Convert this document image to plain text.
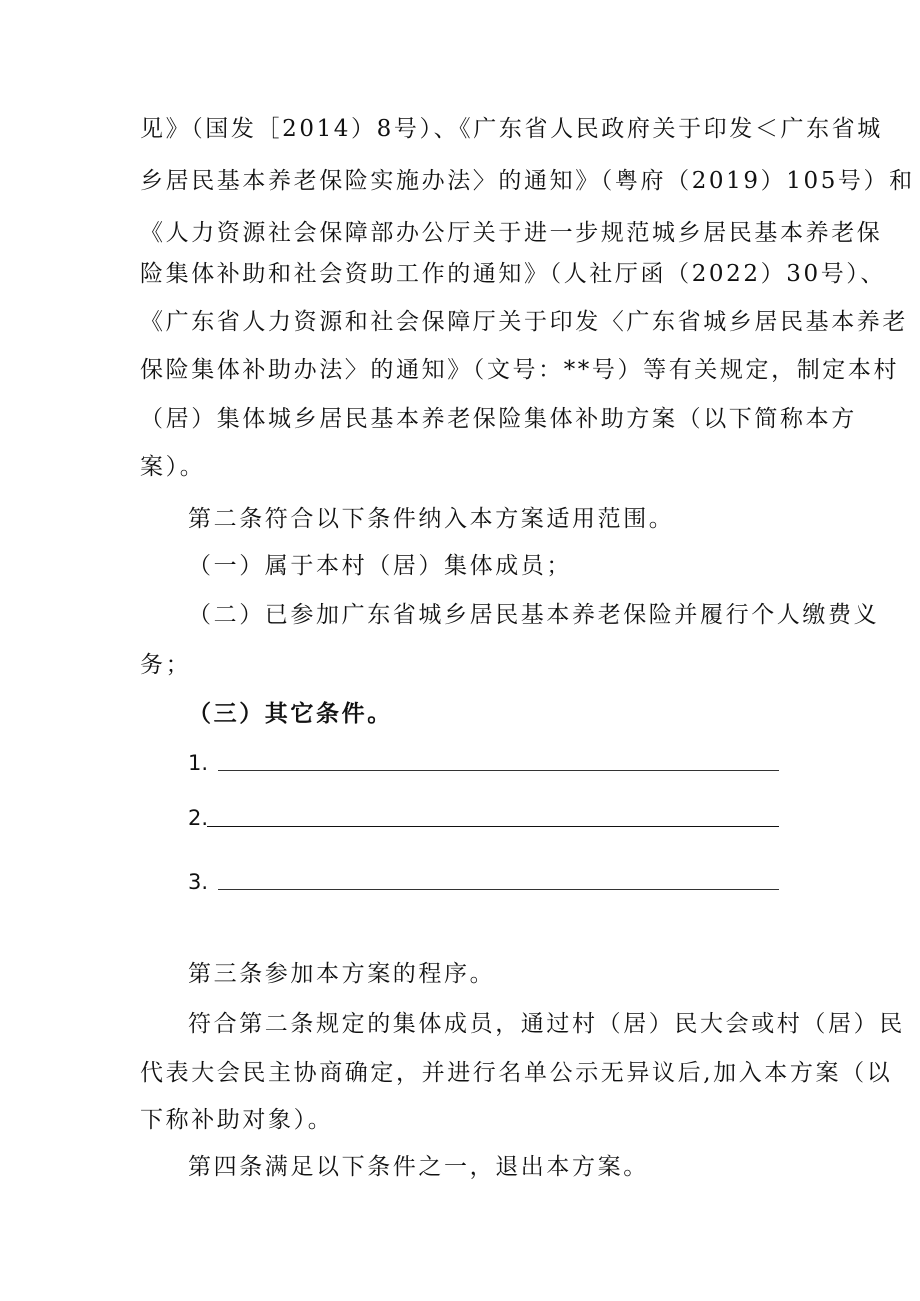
见》（国发［2014）8号）、《广东省人民政府关于印发＜广东省城
乡居民基本养老保险实施办法〉的通知》（粤府（2019）105号）和
《人力资源社会保障部办公厅关于进一步规范城乡居民基本养老保
险集体补助和社会资助工作的通知》（人社厅函（2022）30号）、
《广东省人力资源和社会保障厅关于印发〈广东省城乡居民基本养老
保险集体补助办法〉的通知》（文号：**号）等有关规定，制定本村
（居）集体城乡居民基本养老保险集体补助方案（以下简称本方
案）。
第二条符合以下条件纳入本方案适用范围。
（一）属于本村（居）集体成员；
（二）已参加广东省城乡居民基本养老保险并履行个人缴费义
务；
（三）其它条件。
1.
2.
3.
第三条参加本方案的程序。
符合第二条规定的集体成员，通过村（居）民大会或村（居）民
代表大会民主协商确定，并进行名单公示无异议后,加入本方案（以
下称补助对象）。
第四条满足以下条件之一，退出本方案。
